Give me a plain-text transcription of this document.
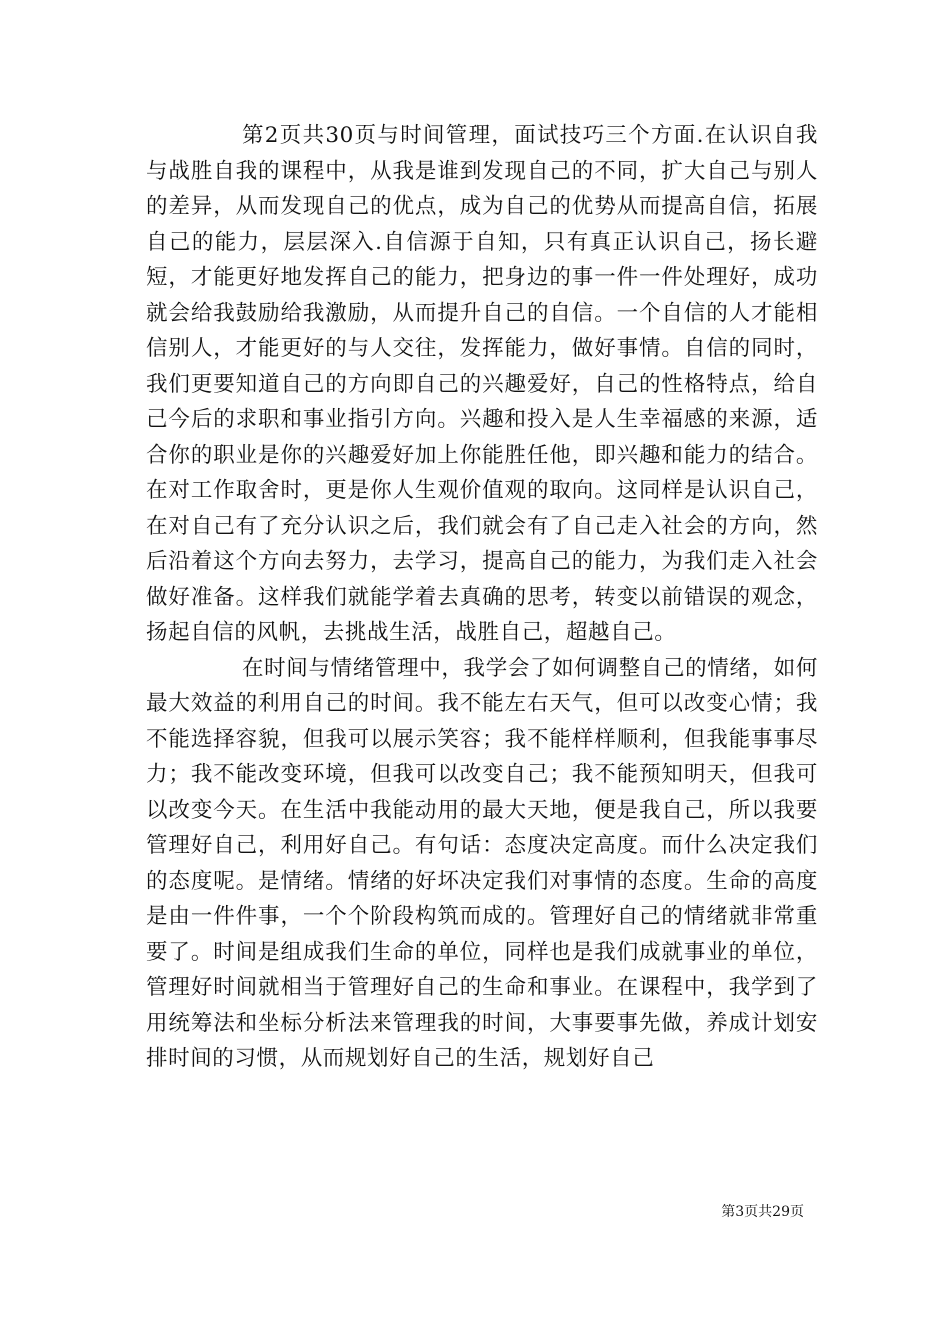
第2页共30页与时间管理，面试技巧三个方面.在认识自我与战胜自我的课程中，从我是谁到发现自己的不同，扩大自己与别人的差异，从而发现自己的优点，成为自己的优势从而提高自信，拓展自己的能力，层层深入.自信源于自知，只有真正认识自己，扬长避短，才能更好地发挥自己的能力，把身边的事一件一件处理好，成功就会给我鼓励给我激励，从而提升自己的自信。一个自信的人才能相信别人，才能更好的与人交往，发挥能力，做好事情。自信的同时，我们更要知道自己的方向即自己的兴趣爱好，自己的性格特点，给自己今后的求职和事业指引方向。兴趣和投入是人生幸福感的来源，适合你的职业是你的兴趣爱好加上你能胜任他，即兴趣和能力的结合。在对工作取舍时，更是你人生观价值观的取向。这同样是认识自己，在对自己有了充分认识之后，我们就会有了自己走入社会的方向，然后沿着这个方向去努力，去学习，提高自己的能力，为我们走入社会做好准备。这样我们就能学着去真确的思考，转变以前错误的观念，扬起自信的风帆，去挑战生活，战胜自己，超越自己。

在时间与情绪管理中，我学会了如何调整自己的情绪，如何最大效益的利用自己的时间。我不能左右天气，但可以改变心情；我不能选择容貌，但我可以展示笑容；我不能样样顺利，但我能事事尽力；我不能改变环境，但我可以改变自己；我不能预知明天，但我可以改变今天。在生活中我能动用的最大天地，便是我自己，所以我要管理好自己，利用好自己。有句话：态度决定高度。而什么决定我们的态度呢。是情绪。情绪的好坏决定我们对事情的态度。生命的高度是由一件件事，一个个阶段构筑而成的。管理好自己的情绪就非常重要了。时间是组成我们生命的单位，同样也是我们成就事业的单位，管理好时间就相当于管理好自己的生命和事业。在课程中，我学到了用统筹法和坐标分析法来管理我的时间，大事要事先做，养成计划安排时间的习惯，从而规划好自己的生活，规划好自己

第3页共29页
